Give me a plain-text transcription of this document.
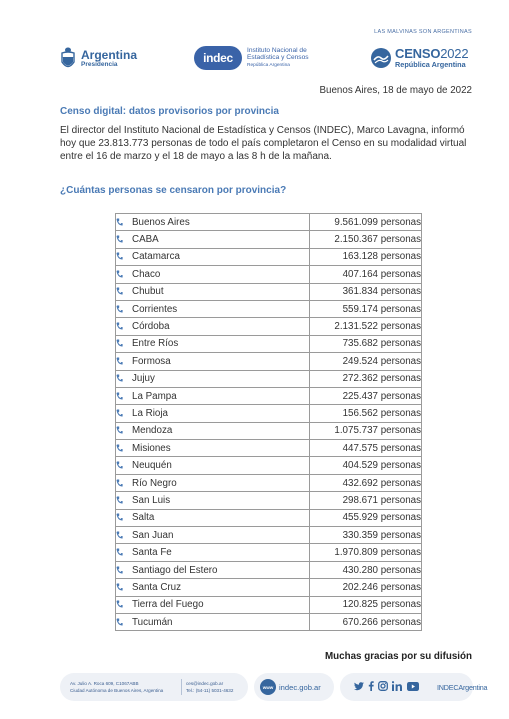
LAS MALVINAS SON ARGENTINAS
Argentina
Presidencia	indec
Instituto Nacional de
Estadística y Censos
República Argentina
CENSO2022
República Argentina
Buenos Aires, 18 de mayo de 2022
Censo digital: datos provisorios por provincia
El director del Instituto Nacional de Estadística y Censos (INDEC), Marco Lavagna, informó hoy que 23.813.773 personas de todo el país completaron el Censo en su modalidad virtual entre el 16 de marzo y el 18 de mayo a las 8 h de la mañana.
¿Cuántas personas se censaron por provincia?
Buenos Aires	9.561.099 personas
CABA	2.150.367 personas
Catamarca	163.128 personas
Chaco	407.164 personas
Chubut	361.834 personas
Corrientes	559.174 personas
Córdoba	2.131.522 personas
Entre Ríos	735.682 personas
Formosa	249.524 personas
Jujuy	272.362 personas
La Pampa	225.437 personas
La Rioja	156.562 personas
Mendoza	1.075.737 personas
Misiones	447.575 personas
Neuquén	404.529 personas
Río Negro	432.692 personas
San Luis	298.671 personas
Salta	455.929 personas
San Juan	330.359 personas
Santa Fe	1.970.809 personas
Santiago del Estero	430.280 personas
Santa Cruz	202.246 personas
Tierra del Fuego	120.825 personas
Tucumán	670.266 personas
Muchas gracias por su difusión
Av. Julio A. Roca 609, C1067ABB
Ciudad Autónoma de Buenos Aires, Argentina
ces@indec.gob.ar
Tel.: (54-11) 5031-4632
www indec.gob.ar	INDECArgentina
